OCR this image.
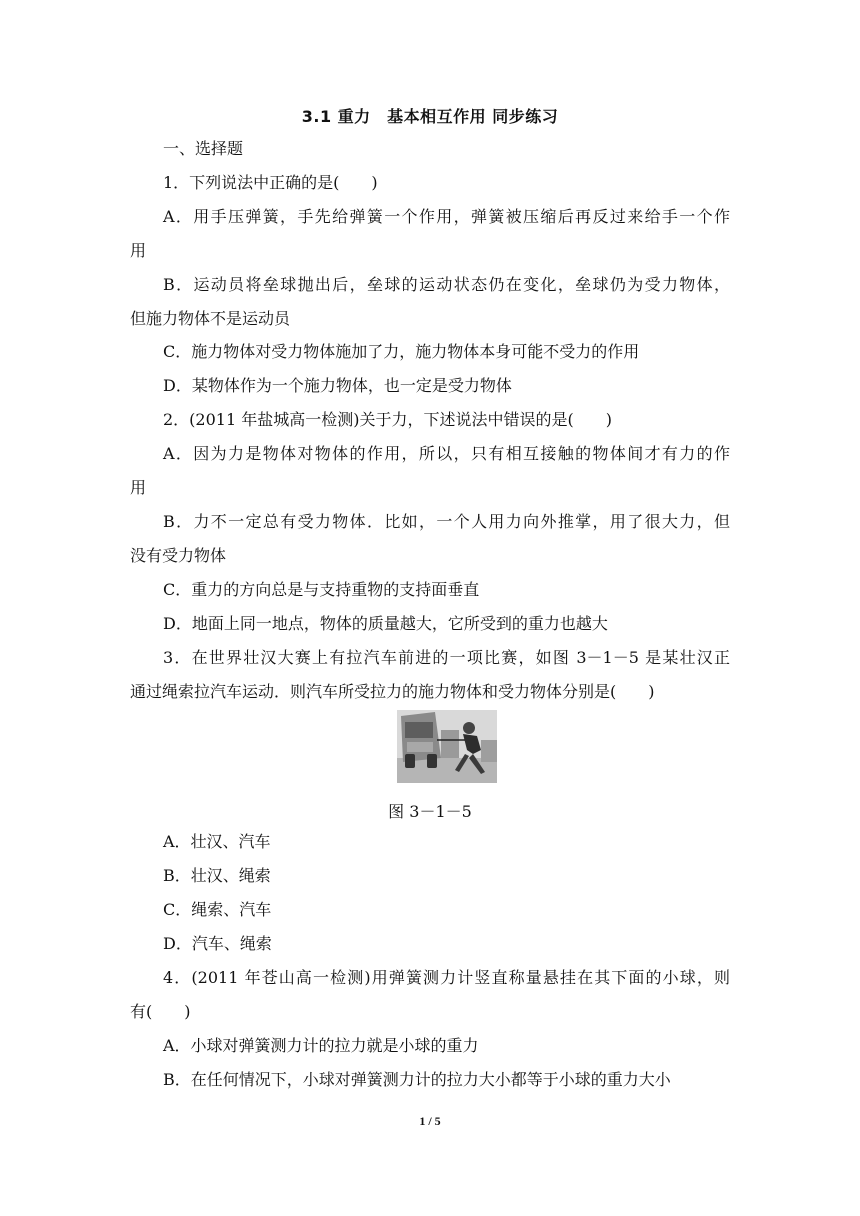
3.1 重力　基本相互作用 同步练习
一、选择题
1．下列说法中正确的是(　　)
A．用手压弹簧，手先给弹簧一个作用，弹簧被压缩后再反过来给手一个作
用
B．运动员将垒球抛出后，垒球的运动状态仍在变化，垒球仍为受力物体，
但施力物体不是运动员
C．施力物体对受力物体施加了力，施力物体本身可能不受力的作用
D．某物体作为一个施力物体，也一定是受力物体
2．(2011 年盐城高一检测)关于力，下述说法中错误的是(　　)
A．因为力是物体对物体的作用，所以，只有相互接触的物体间才有力的作
用
B．力不一定总有受力物体．比如，一个人用力向外推掌，用了很大力，但
没有受力物体
C．重力的方向总是与支持重物的支持面垂直
D．地面上同一地点，物体的质量越大，它所受到的重力也越大
3．在世界壮汉大赛上有拉汽车前进的一项比赛，如图 3－1－5 是某壮汉正
通过绳索拉汽车运动．则汽车所受拉力的施力物体和受力物体分别是(　　)
图 3－1－5
A．壮汉、汽车
B．壮汉、绳索
C．绳索、汽车
D．汽车、绳索
4．(2011 年苍山高一检测)用弹簧测力计竖直称量悬挂在其下面的小球，则
有(　　)
A．小球对弹簧测力计的拉力就是小球的重力
B．在任何情况下，小球对弹簧测力计的拉力大小都等于小球的重力大小
1 / 5
